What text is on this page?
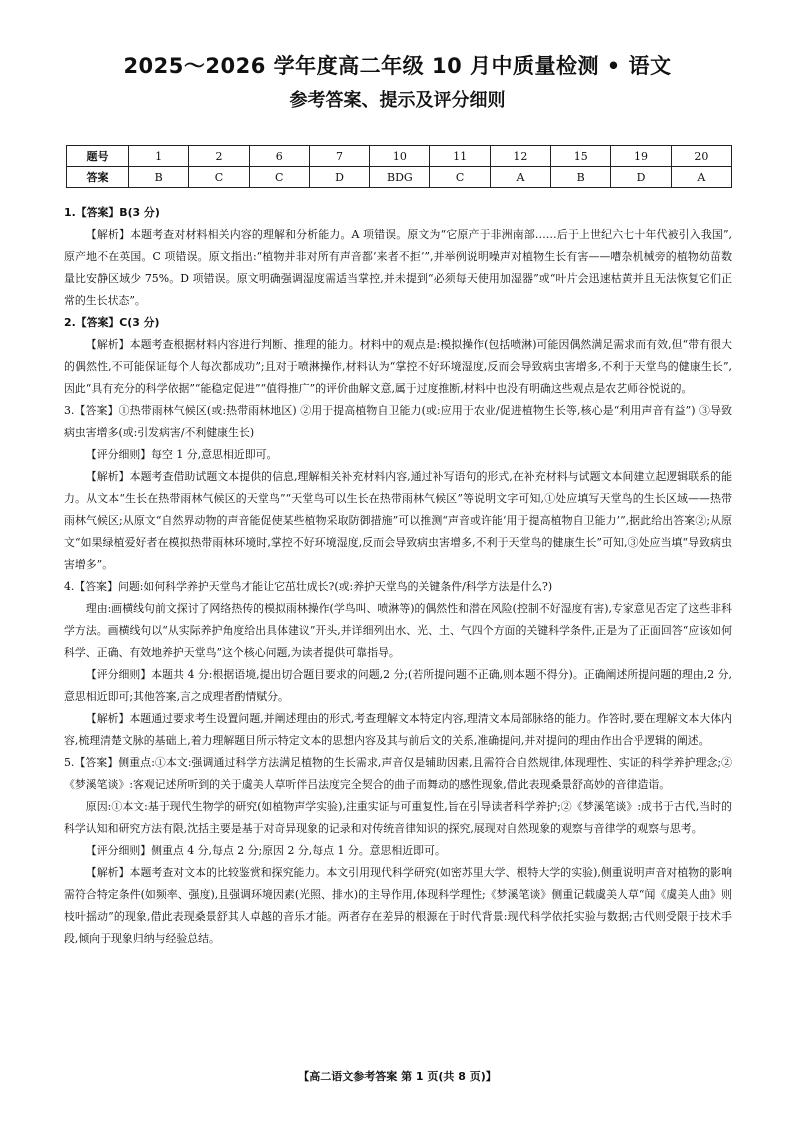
2025～2026 学年度高二年级 10 月中质量检测 • 语文
参考答案、提示及评分细则
题号	1	2	6	7	10	11	12	15	19	20
答案	B	C	C	D	BDG	C	A	B	D	A

1.【答案】B(3 分)

【解析】本题考查对材料相关内容的理解和分析能力。A 项错误。原文为“它原产于非洲南部……后于上世纪六七十年代被引入我国”,原产地不在英国。C 项错误。原文指出:“植物并非对所有声音都‘来者不拒’”,并举例说明噪声对植物生长有害——嘈杂机械旁的植物幼苗数量比安静区域少 75%。D 项错误。原文明确强调湿度需适当掌控,并未提到“必须每天使用加湿器”或“叶片会迅速枯黄并且无法恢复它们正常的生长状态”。

2.【答案】C(3 分)

【解析】本题考查根据材料内容进行判断、推理的能力。材料中的观点是:模拟操作(包括喷淋)可能因偶然满足需求而有效,但“带有很大的偶然性,不可能保证每个人每次都成功”;且对于喷淋操作,材料认为“掌控不好环境湿度,反而会导致病虫害增多,不利于天堂鸟的健康生长”,因此“具有充分的科学依据”“能稳定促进”“值得推广”的评价曲解文意,属于过度推断,材料中也没有明确这些观点是农艺师谷悦说的。

3.【答案】①热带雨林气候区(或:热带雨林地区) ②用于提高植物自卫能力(或:应用于农业/促进植物生长等,核心是“利用声音有益”) ③导致病虫害增多(或:引发病害/不利健康生长)

【评分细则】每空 1 分,意思相近即可。

【解析】本题考查借助试题文本提供的信息,理解相关补充材料内容,通过补写语句的形式,在补充材料与试题文本间建立起逻辑联系的能力。从文本“生长在热带雨林气候区的天堂鸟”“天堂鸟可以生长在热带雨林气候区”等说明文字可知,①处应填写天堂鸟的生长区域——热带雨林气候区;从原文“自然界动物的声音能促使某些植物采取防御措施”可以推测“声音或许能‘用于提高植物自卫能力’”,据此给出答案②;从原文“如果绿植爱好者在模拟热带雨林环境时,掌控不好环境湿度,反而会导致病虫害增多,不利于天堂鸟的健康生长”可知,③处应当填“导致病虫害增多”。

4.【答案】问题:如何科学养护天堂鸟才能让它茁壮成长?(或:养护天堂鸟的关键条件/科学方法是什么?)

理由:画横线句前文探讨了网络热传的模拟雨林操作(学鸟叫、喷淋等)的偶然性和潜在风险(控制不好湿度有害),专家意见否定了这些非科学方法。画横线句以“从实际养护角度给出具体建议”开头,并详细列出水、光、土、气四个方面的关键科学条件,正是为了正面回答“应该如何科学、正确、有效地养护天堂鸟”这个核心问题,为读者提供可靠指导。

【评分细则】本题共 4 分:根据语境,提出切合题目要求的问题,2 分;(若所提问题不正确,则本题不得分)。正确阐述所提问题的理由,2 分,意思相近即可;其他答案,言之成理者酌情赋分。

【解析】本题通过要求考生设置问题,并阐述理由的形式,考查理解文本特定内容,理清文本局部脉络的能力。作答时,要在理解文本大体内容,梳理清楚文脉的基础上,着力理解题目所示特定文本的思想内容及其与前后文的关系,准确提问,并对提问的理由作出合乎逻辑的阐述。

5.【答案】侧重点:①本文:强调通过科学方法满足植物的生长需求,声音仅是辅助因素,且需符合自然规律,体现理性、实证的科学养护理念;②《梦溪笔谈》:客观记述所听到的关于虞美人草听伴吕法度完全契合的曲子而舞动的感性现象,借此表现桑景舒高妙的音律造诣。

原因:①本文:基于现代生物学的研究(如植物声学实验),注重实证与可重复性,旨在引导读者科学养护;②《梦溪笔谈》:成书于古代,当时的科学认知和研究方法有限,沈括主要是基于对奇异现象的记录和对传统音律知识的探究,展现对自然现象的观察与音律学的观察与思考。

【评分细则】侧重点 4 分,每点 2 分;原因 2 分,每点 1 分。意思相近即可。

【解析】本题考查对文本的比较鉴赏和探究能力。本文引用现代科学研究(如密苏里大学、根特大学的实验),侧重说明声音对植物的影响需符合特定条件(如频率、强度),且强调环境因素(光照、排水)的主导作用,体现科学理性;《梦溪笔谈》侧重记载虞美人草“闻《虞美人曲》则枝叶摇动”的现象,借此表现桑景舒其人卓越的音乐才能。两者存在差异的根源在于时代背景:现代科学依托实验与数据;古代则受限于技术手段,倾向于现象归纳与经验总结。

【高二语文参考答案 第 1 页(共 8 页)】
